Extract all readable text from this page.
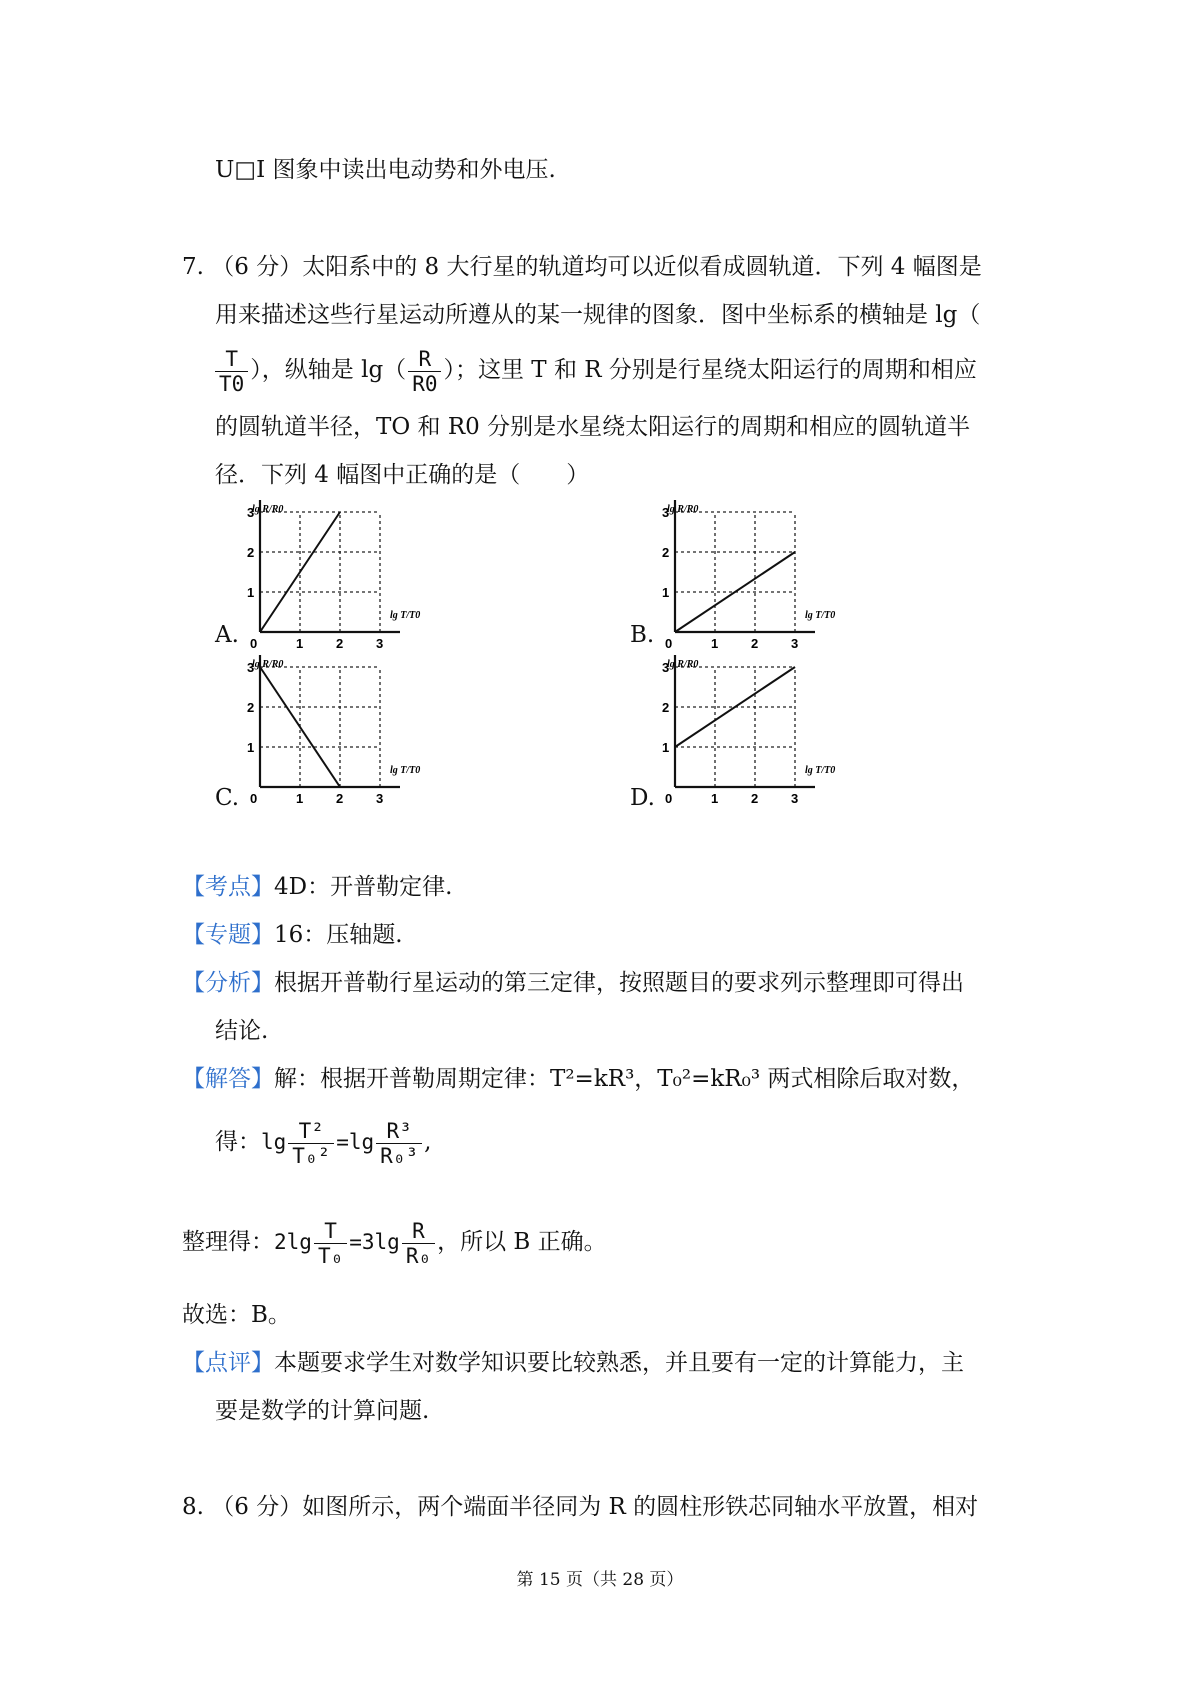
U□I 图象中读出电动势和外电压.
7. （6 分）太阳系中的 8 大行星的轨道均可以近似看成圆轨道．下列 4 幅图是
用来描述这些行星运动所遵从的某一规律的图象．图中坐标系的横轴是 lg（
$\frac{T}{T0}$ ），纵轴是 $\lg( \frac{R}{R0}$ ）；这里 T 和 R 分别是行星绕太阳运行的周期和相应
的圆轨道半径，TO 和 R0 分别是水星绕太阳运行的周期和相应的圆轨道半
径．下列 4 幅图中正确的是（　　）
A.	B.
C.	D.
0	1
1
2
2
3
3
lg R/R0
lg T/T0
0	1
1
2
2
3
3
lg R/R0
lg T/T0
0	1
1
2
2
3
3
lg R/R0
lg T/T0
0	1
1
2
2
3
3
lg R/R0
lg T/T0
【考点】4D：开普勒定律.
【专题】16：压轴题.
【分析】根据开普勒行星运动的第三定律，按照题目的要求列示整理即可得出
结论.
【解答】解：根据开普勒周期定律：T²=kR³，T₀²=kR₀³ 两式相除后取对数，
得：$\lg \frac{\text{T²}}{\text{T₀²}} =\lg \frac{\text{R³}}{\text{R₀³}}$ ,
整理得：$2\lg \frac{T}{\text{T₀}} =3\lg \frac{R}{\text{R₀}}$ ，所以 B 正确。
故选：B。
【点评】本题要求学生对数学知识要比较熟悉，并且要有一定的计算能力，主
要是数学的计算问题.
8. （6 分）如图所示，两个端面半径同为 R 的圆柱形铁芯同轴水平放置，相对
第 15 页（共 28 页）
